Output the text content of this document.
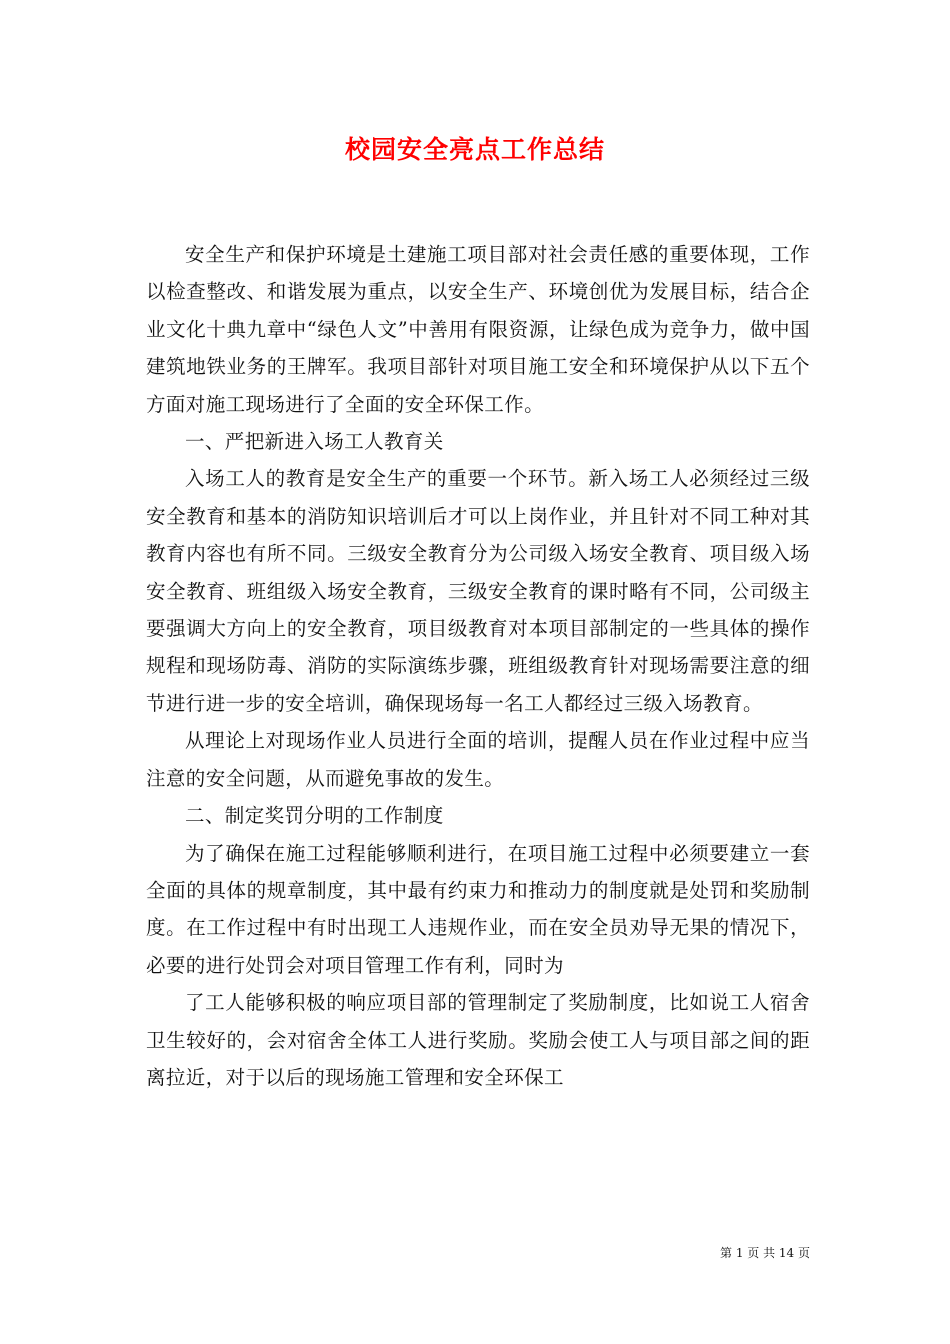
校园安全亮点工作总结

安全生产和保护环境是土建施工项目部对社会责任感的重要体现，工作以检查整改、和谐发展为重点，以安全生产、环境创优为发展目标，结合企业文化十典九章中“绿色人文”中善用有限资源，让绿色成为竞争力，做中国建筑地铁业务的王牌军。我项目部针对项目施工安全和环境保护从以下五个方面对施工现场进行了全面的安全环保工作。

一、严把新进入场工人教育关

入场工人的教育是安全生产的重要一个环节。新入场工人必须经过三级安全教育和基本的消防知识培训后才可以上岗作业，并且针对不同工种对其教育内容也有所不同。三级安全教育分为公司级入场安全教育、项目级入场安全教育、班组级入场安全教育，三级安全教育的课时略有不同，公司级主要强调大方向上的安全教育，项目级教育对本项目部制定的一些具体的操作规程和现场防毒、消防的实际演练步骤，班组级教育针对现场需要注意的细节进行进一步的安全培训，确保现场每一名工人都经过三级入场教育。

从理论上对现场作业人员进行全面的培训，提醒人员在作业过程中应当注意的安全问题，从而避免事故的发生。

二、制定奖罚分明的工作制度

为了确保在施工过程能够顺利进行，在项目施工过程中必须要建立一套全面的具体的规章制度，其中最有约束力和推动力的制度就是处罚和奖励制度。在工作过程中有时出现工人违规作业，而在安全员劝导无果的情况下，必要的进行处罚会对项目管理工作有利，同时为

了工人能够积极的响应项目部的管理制定了奖励制度，比如说工人宿舍卫生较好的，会对宿舍全体工人进行奖励。奖励会使工人与项目部之间的距离拉近，对于以后的现场施工管理和安全环保工

第 1 页 共 14 页
